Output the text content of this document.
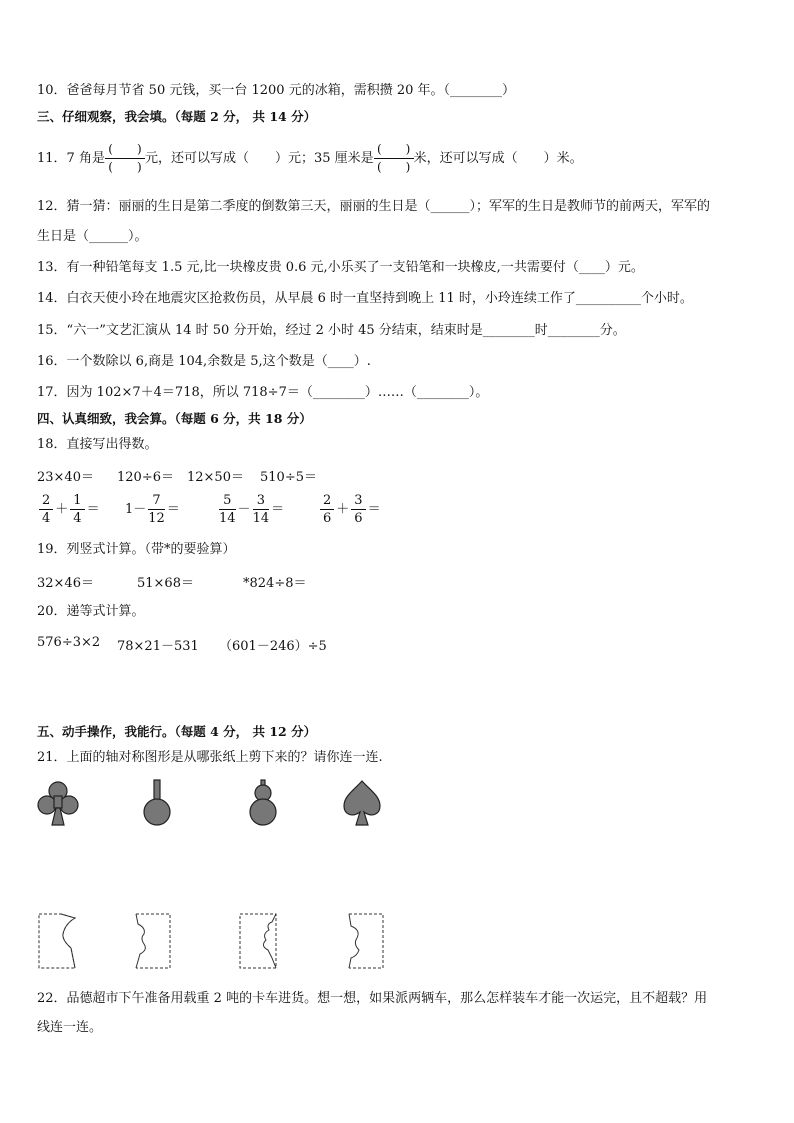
10．爸爸每月节省 50 元钱，买一台 1200 元的冰箱，需积攒 20 年。（________）
三、仔细观察，我会填。（每题 2 分， 共 14 分）
11．7 角是
(　　)
(　　)
元，还可以写成（　　）元；35 厘米是
(　　)
(　　)
米，还可以写成（　　）米。
12．猜一猜：丽丽的生日是第二季度的倒数第三天，丽丽的生日是（______）；军军的生日是教师节的前两天，军军的
生日是（______）。
13．有一种铅笔每支 1.5 元,比一块橡皮贵 0.6 元,小乐买了一支铅笔和一块橡皮,一共需要付（____）元。
14．白衣天使小玲在地震灾区抢救伤员，从早晨 6 时一直坚持到晚上 11 时，小玲连续工作了__________个小时。
15．“六一”文艺汇演从 14 时 50 分开始，经过 2 小时 45 分结束，结束时是________时________分。
16．一个数除以 6,商是 104,余数是 5,这个数是（____）.
17．因为 102×7＋4＝718，所以 718÷7＝（________）……（________）。
四、认真细致，我会算。（每题 6 分，共 18 分）
18．直接写出得数。
23×40＝ 120÷6＝ 12×50＝ 510÷5＝
$\frac{2}{4} + \frac{1}{4} = 1- \frac{7}{12}$ ＝	$\frac{5}{14} - \frac{3}{14}$ ＝	$\frac{2}{6} + \frac{3}{6}$ ＝
19．列竖式计算。（带*的要验算）
32×46＝	51×68＝	*824÷8＝
20．递等式计算。
576÷3×2 78×21－531 （601－246）÷5
五、动手操作，我能行。（每题 4 分， 共 12 分）
21．上面的轴对称图形是从哪张纸上剪下来的？请你连一连.
22．品德超市下午准备用载重 2 吨的卡车进货。想一想，如果派两辆车，那么怎样装车才能一次运完，且不超载？用
线连一连。
